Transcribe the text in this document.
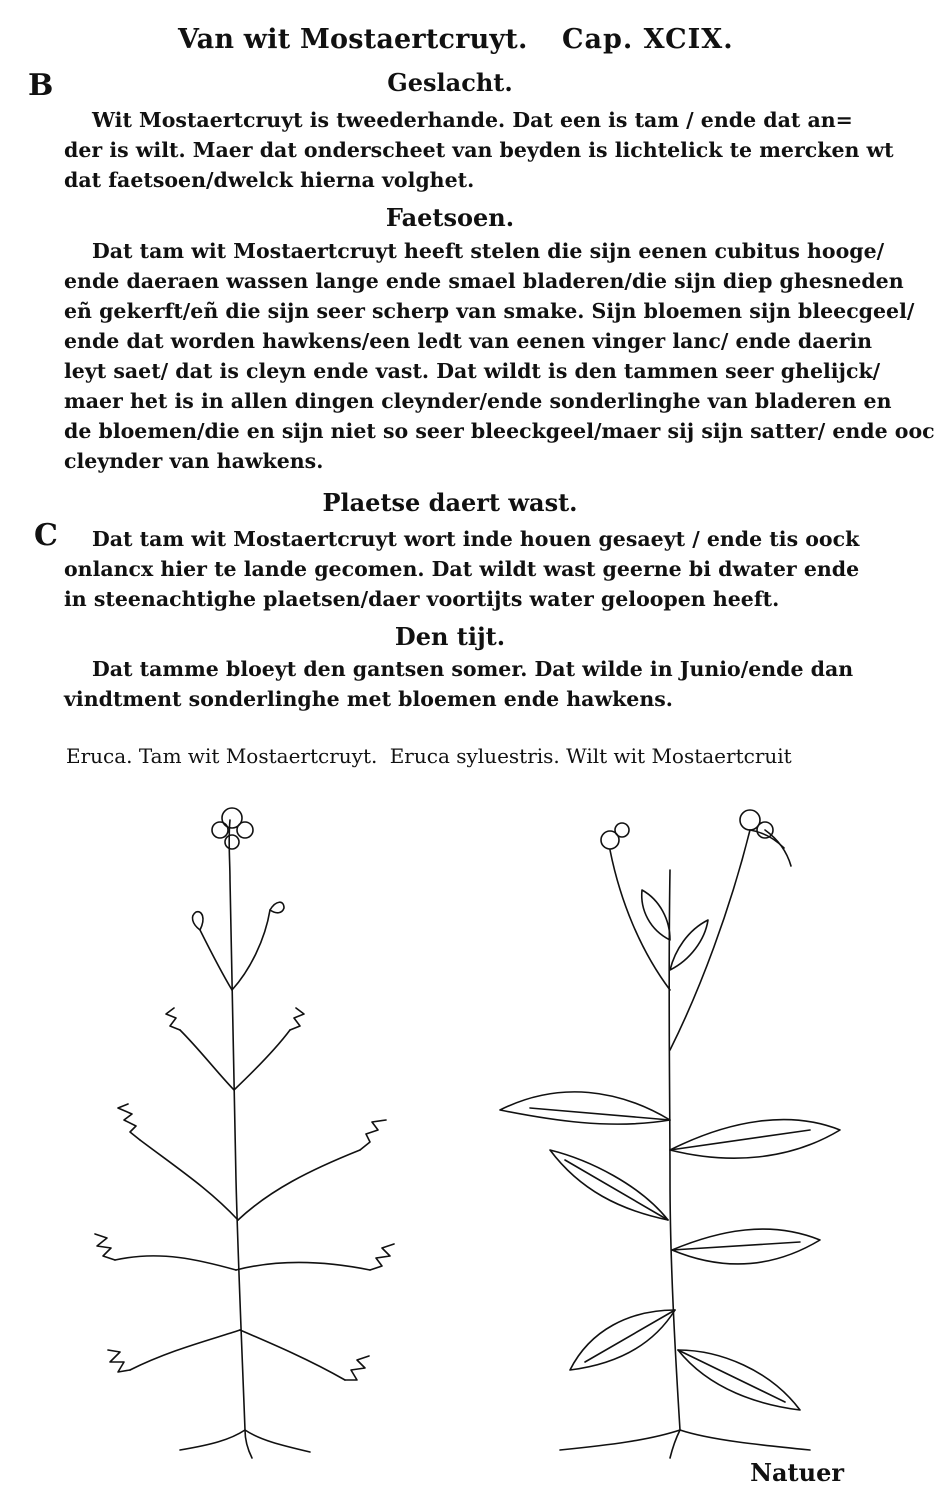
Van wit Mostaertcruyt. Cap. XCIX.
B
C
Geslacht.
Wit Mostaertcruyt is tweederhande. Dat een is tam / ende dat an=
der is wilt. Maer dat onderscheet van beyden is lichtelick te mercken wt
dat faetsoen/dwelck hierna volghet.
Faetsoen.
Dat tam wit Mostaertcruyt heeft stelen die sijn eenen cubitus hooge/
ende daeraen wassen lange ende smael bladeren/die sijn diep ghesneden
eñ gekerft/eñ die sijn seer scherp van smake. Sijn bloemen sijn bleecgeel/
ende dat worden hawkens/een ledt van eenen vinger lanc/ ende daerin
leyt saet/ dat is cleyn ende vast. Dat wildt is den tammen seer ghelijck/
maer het is in allen dingen cleynder/ende sonderlinghe van bladeren en
de bloemen/die en sijn niet so seer bleeckgeel/maer sij sijn satter/ ende ooc
cleynder van hawkens.
Plaetse daert wast.
Dat tam wit Mostaertcruyt wort inde houen gesaeyt / ende tis oock
onlancx hier te lande gecomen. Dat wildt wast geerne bi dwater ende
in steenachtighe plaetsen/daer voortijts water geloopen heeft.
Den tijt.
Dat tamme bloeyt den gantsen somer. Dat wilde in Junio/ende dan
vindtment sonderlinghe met bloemen ende hawkens.
Eruca. Tam wit Mostaertcruyt. Eruca syluestris. Wilt wit Mostaertcruit
Natuer
